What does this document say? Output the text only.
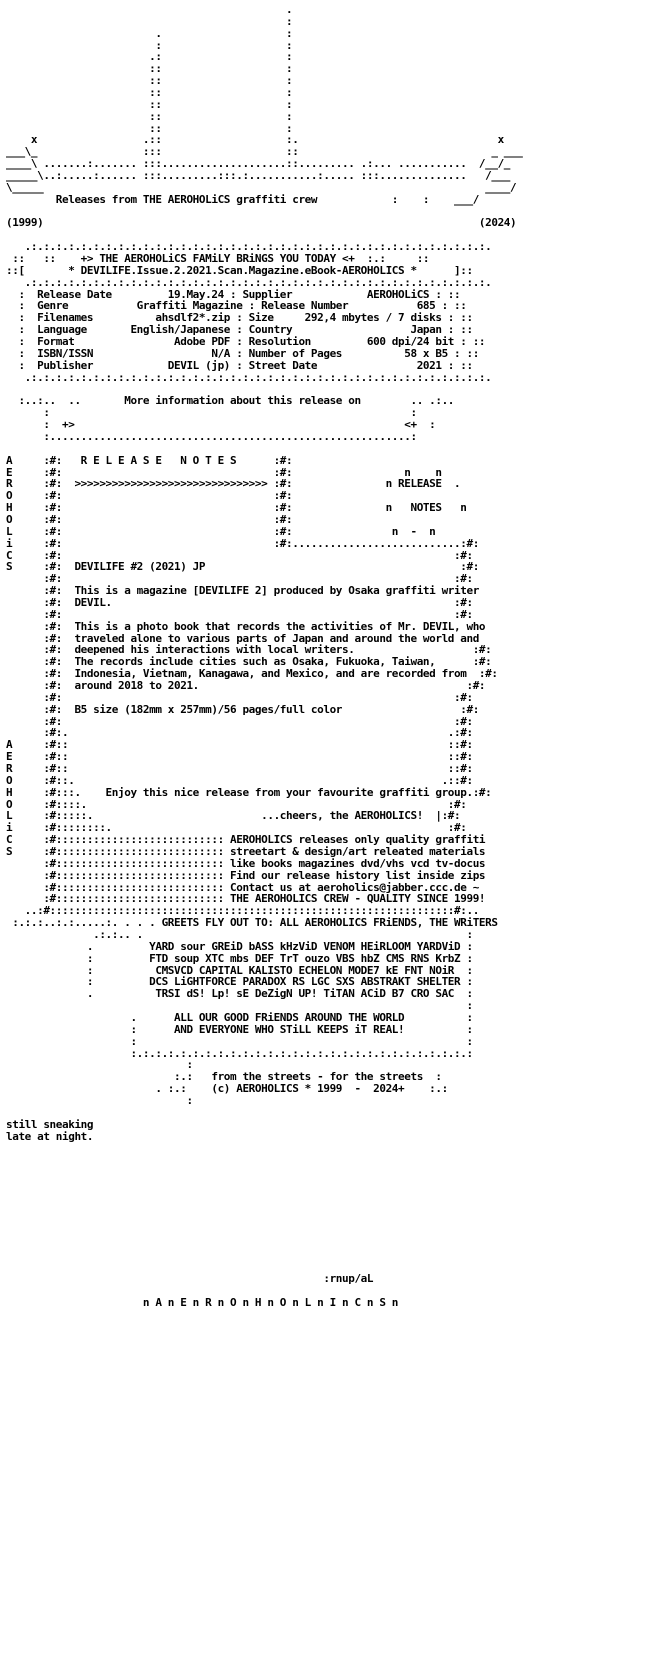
.
:
.                    :
:                    :
.:                    :
::                    :
::                    :
::                    :
::                    :
::                    :
::                    :
x                 .::                    :.                                x
___\_                 :::                    ::                               _ ___
____\ .......:....... :::....................::......... .:... ...........  /__/_
_____\..:.....:...... :::.........:::.:...........:..... :::..............   /___
\_____                                                                       ____/
Releases from THE AEROHOLiCS graffiti crew            :    :    ___/

(1999)                                                                      (2024)

.:.:.:.:.:.:.:.:.:.:.:.:.:.:.:.:.:.:.:.:.:.:.:.:.:.:.:.:.:.:.:.:.:.:.:.:.:.
::   ::    +> THE AEROHOLiCS FAMiLY BRiNGS YOU TODAY <+  :.:     ::
::[       * DEVILIFE.Issue.2.2021.Scan.Magazine.eBook-AEROHOLICS *      ]::
.:.:.:.:.:.:.:.:.:.:.:.:.:.:.:.:.:.:.:.:.:.:.:.:.:.:.:.:.:.:.:.:.:.:.:.:.:.
:  Release Date         19.May.24 : Supplier            AEROHOLiCS : ::
:  Genre           Graffiti Magazine : Release Number           685 : ::
:  Filenames          ahsdlf2*.zip : Size     292,4 mbytes / 7 disks : ::
:  Language       English/Japanese : Country                   Japan : ::
:  Format                Adobe PDF : Resolution         600 dpi/24 bit : ::
:  ISBN/ISSN                   N/A : Number of Pages          58 x B5 : ::
:  Publisher            DEVIL (jp) : Street Date                2021 : ::
.:.:.:.:.:.:.:.:.:.:.:.:.:.:.:.:.:.:.:.:.:.:.:.:.:.:.:.:.:.:.:.:.:.:.:.:.:.

:..:..  ..       More information about this release on        .. .:..
:                                                          :
:  +>                                                     <+  :
:..........................................................:

A     :#:   R E L E A S E   N O T E S      :#:
E     :#:                                  :#:                  n    n
R     :#:  >>>>>>>>>>>>>>>>>>>>>>>>>>>>>>> :#:               n RELEASE  .
O     :#:                                  :#:
H     :#:                                  :#:               n   NOTES   n
O     :#:                                  :#:
L     :#:                                  :#:                n  -  n
i     :#:                                  :#:...........................:#:
C     :#:                                                               :#:
S     :#:  DEVILIFE #2 (2021) JP                                         :#:
:#:                                                               :#:
:#:  This is a magazine [DEVILIFE 2] produced by Osaka graffiti writer
:#:  DEVIL.                                                       :#:
:#:                                                               :#:
:#:  This is a photo book that records the activities of Mr. DEVIL, who
:#:  traveled alone to various parts of Japan and around the world and
:#:  deepened his interactions with local writers.                   :#:
:#:  The records include cities such as Osaka, Fukuoka, Taiwan,      :#:
:#:  Indonesia, Vietnam, Kanagawa, and Mexico, and are recorded from  :#:
:#:  around 2018 to 2021.                                           :#:
:#:                                                               :#:
:#:  B5 size (182mm x 257mm)/56 pages/full color                   :#:
:#:                                                               :#:
:#:.                                                             .:#:
A     :#::                                                             ::#:
E     :#::                                                             ::#:
R     :#::                                                             ::#:
O     :#::.                                                           .::#:
H     :#:::.    Enjoy this nice release from your favourite graffiti group.:#:
O     :#::::.                                                          :#:
L     :#:::::.                           ...cheers, the AEROHOLICS!  |:#:
i     :#::::::::.                                                      :#:
C     :#::::::::::::::::::::::::::: AEROHOLICS releases only quality graffiti
S     :#::::::::::::::::::::::::::: streetart & design/art releated materials
:#::::::::::::::::::::::::::: like books magazines dvd/vhs vcd tv-docus
:#::::::::::::::::::::::::::: Find our release history list inside zips
:#::::::::::::::::::::::::::: Contact us at aeroholics@jabber.ccc.de ~
:#::::::::::::::::::::::::::: THE AEROHOLICS CREW - QUALITY SINCE 1999!
..:#:::::::::::::::::::::::::::::::::::::::::::::::::::::::::::::::::#:..
:.:.:..:.:.....:. . . . GREETS FLY OUT TO: ALL AEROHOLICS FRiENDS, THE WRiTERS
.:.:.. .                                                    :
.         YARD sour GREiD bASS kHzViD VENOM HEiRLOOM YARDViD :
:         FTD soup XTC mbs DEF TrT ouzo VBS hbZ CMS RNS KrbZ :
:          CMSVCD CAPITAL KALISTO ECHELON MODE7 kE FNT NOiR  :
:         DCS LiGHTFORCE PARADOX RS LGC SXS ABSTRAKT SHELTER :
.          TRSI dS! Lp! sE DeZigN UP! TiTAN ACiD B7 CRO SAC  :
:
.      ALL OUR GOOD FRiENDS AROUND THE WORLD          :
:      AND EVERYONE WHO STiLL KEEPS iT REAL!          :
:                                                     :
:.:.:.:.:.:.:.:.:.:.:.:.:.:.:.:.:.:.:.:.:.:.:.:.:.:.:.:
:
:.:   from the streets - for the streets  :
. :.:    (c) AEROHOLICS * 1999  -  2024+    :.:
:

still sneaking
late at night.

:rnup/aL

n A n E n R n O n H n O n L n I n C n S n
